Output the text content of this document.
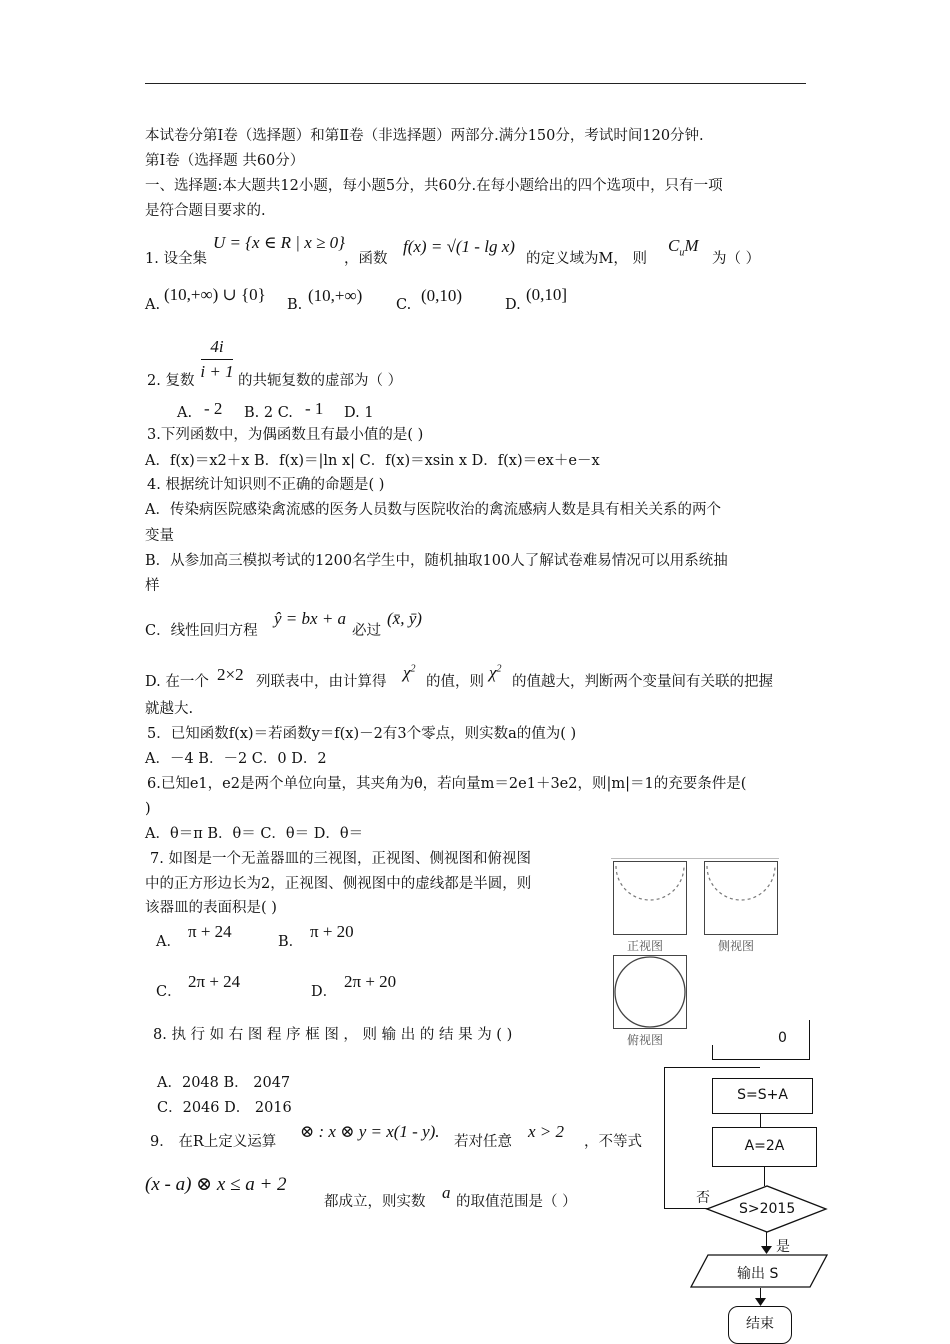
本试卷分第Ⅰ卷（选择题）和第Ⅱ卷（非选择题）两部分.满分150分，考试时间120分钟.
第Ⅰ卷（选择题 共60分）
一、选择题:本大题共12小题，每小题5分，共60分.在每小题给出的四个选项中，只有一项
是符合题目要求的.
1. 设全集
U = {x ∈ R | x ≥ 0}
，函数
f(x) = √(1 - lg x)
的定义域为M， 则
$C_uM$
为（ ）
A.
(10,+∞) ∪ {0}
B. (10,+∞) C. (0,10)	D.
(0,10]
2. 复数
4i
i + 1 的共轭复数的虚部为（ ）
A. - 2 B. 2 C. - 1 D. 1
3.下列函数中，为偶函数且有最小值的是( )
A．f(x)＝x2＋x B．f(x)＝|ln x| C．f(x)＝xsin x D．f(x)＝ex＋e－x
4. 根据统计知识则不正确的命题是( )
A．传染病医院感染禽流感的医务人员数与医院收治的禽流感病人数是具有相关关系的两个
变量
B．从参加高三模拟考试的1200名学生中，随机抽取100人了解试卷难易情况可以用系统抽
样
C．线性回归方程
ŷ = bx + a
必过
(x̄, ȳ)
D. 在一个 2×2 列联表中，由计算得 $\chi^2$
的值，则 $\chi^2$
的值越大，判断两个变量间有关联的把握
就越大.
5．已知函数f(x)＝若函数y＝f(x)－2有3个零点，则实数a的值为( )
A．－4 B．－2 C．0 D．2
6.已知e1，e2是两个单位向量，其夹角为θ，若向量m＝2e1＋3e2，则|m|＝1的充要条件是(
)
A．θ＝π B．θ＝ C．θ＝ D．θ＝
7. 如图是一个无盖器皿的三视图，正视图、侧视图和俯视图
中的正方形边长为2，正视图、侧视图中的虚线都是半圆，则
该器皿的表面积是( )
A．
π + 24
B．
π + 20
C．
2π + 24
D．
2π + 20
正视图	侧视图
俯视图
8. 执 行 如 右 图 程 序 框 图 ， 则 输 出 的 结 果 为 ( )
A．2048 B． 2047
C．2046 D． 2016
9． 在R上定义运算
⊗ : x ⊗ y = x(1 - y).
若对任意
x > 2
，不等式
(x - a) ⊗ x ≤ a + 2
都成立，则实数 a 的取值范围是（ ）
0
S=S+A
A=2A
S>2015
否
是
输出 S
结束
